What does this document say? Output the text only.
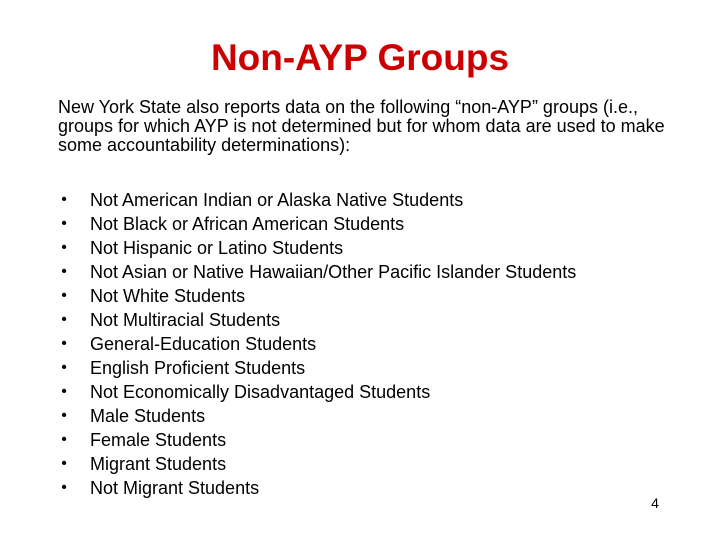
Non-AYP Groups

New York State also reports data on the following “non-AYP” groups (i.e., groups for which AYP is not determined but for whom data are used to make some accountability determinations):

• Not American Indian or Alaska Native Students
• Not Black or African American Students
• Not Hispanic or Latino Students
• Not Asian or Native Hawaiian/Other Pacific Islander Students
• Not White Students
• Not Multiracial Students
• General-Education Students
• English Proficient Students
• Not Economically Disadvantaged Students
• Male Students
• Female Students
• Migrant Students
• Not Migrant Students
4
